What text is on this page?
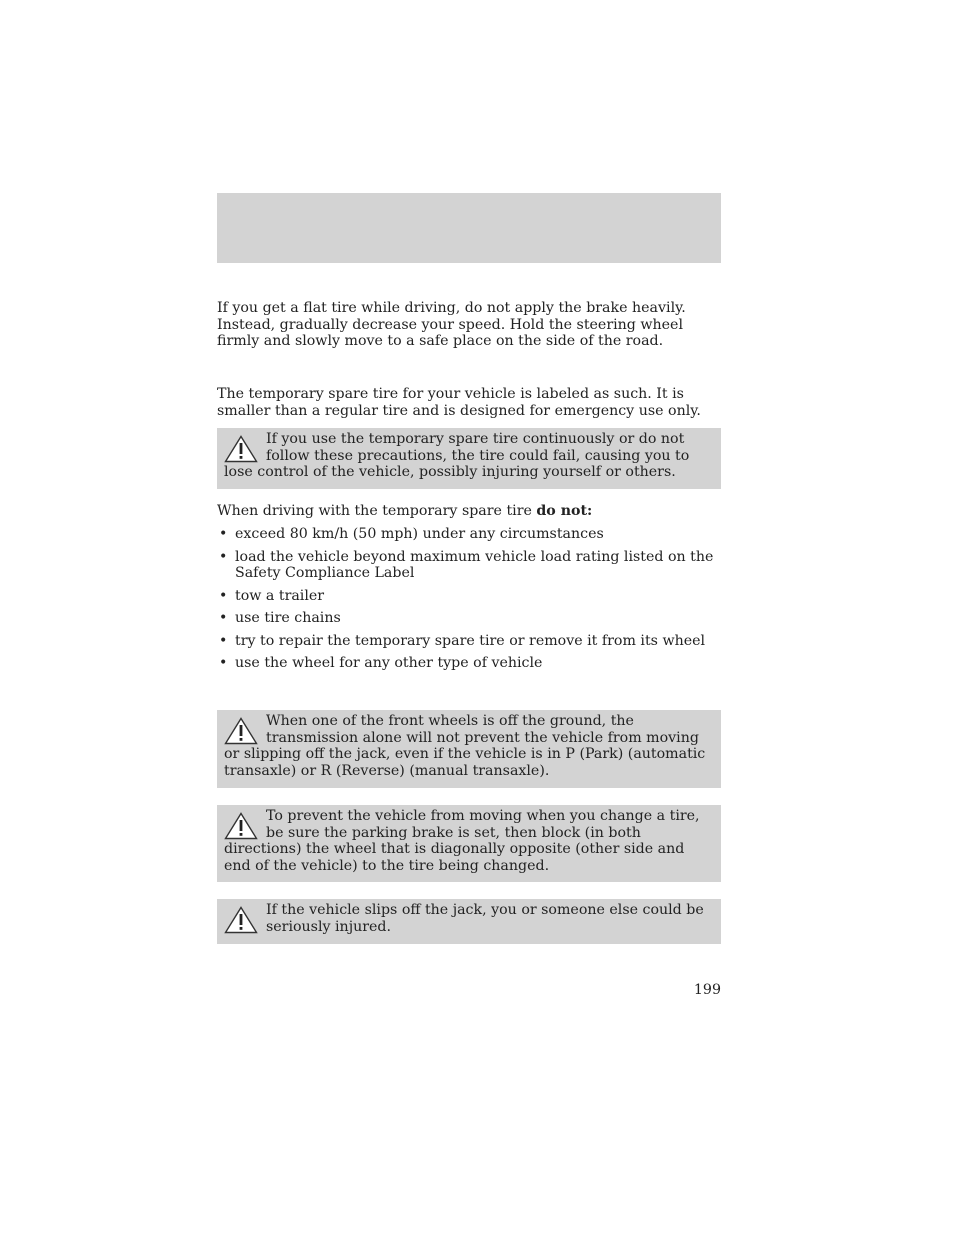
If you get a flat tire while driving, do not apply the brake heavily. Instead, gradually decrease your speed. Hold the steering wheel firmly and slowly move to a safe place on the side of the road.

The temporary spare tire for your vehicle is labeled as such. It is smaller than a regular tire and is designed for emergency use only.

If you use the temporary spare tire continuously or do not follow these precautions, the tire could fail, causing you to lose control of the vehicle, possibly injuring yourself or others.

When driving with the temporary spare tire do not:

• exceed 80 km/h (50 mph) under any circumstances
• load the vehicle beyond maximum vehicle load rating listed on the Safety Compliance Label
• tow a trailer
• use tire chains
• try to repair the temporary spare tire or remove it from its wheel
• use the wheel for any other type of vehicle

When one of the front wheels is off the ground, the transmission alone will not prevent the vehicle from moving or slipping off the jack, even if the vehicle is in P (Park) (automatic transaxle) or R (Reverse) (manual transaxle).

To prevent the vehicle from moving when you change a tire, be sure the parking brake is set, then block (in both directions) the wheel that is diagonally opposite (other side and end of the vehicle) to the tire being changed.

If the vehicle slips off the jack, you or someone else could be seriously injured.

199
